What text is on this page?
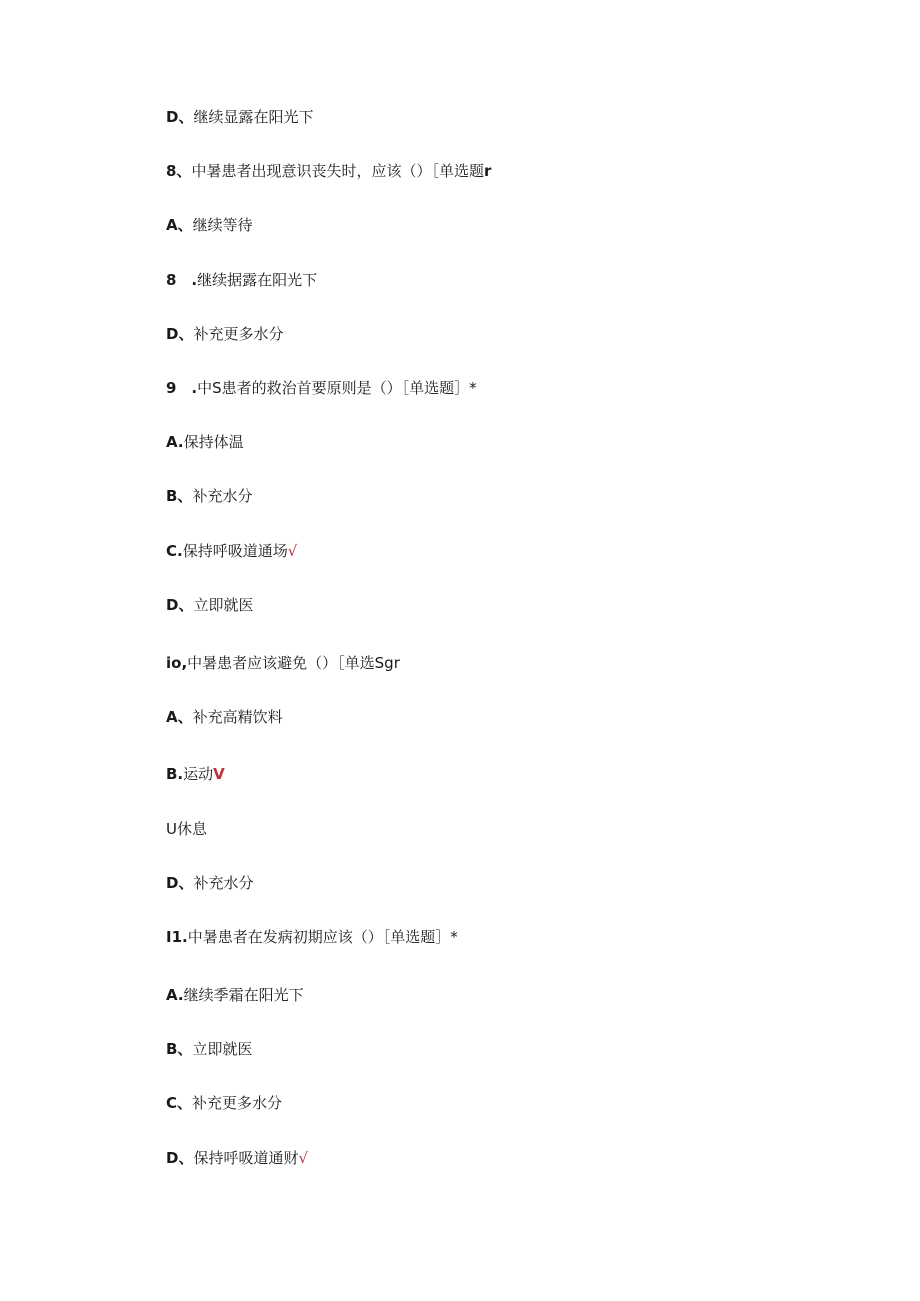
D、继续显露在阳光下
8、中暑患者出现意识丧失时，应该（）［单选题r
A、继续等待
8　.继续据露在阳光下
D、补充更多水分
9　.中S患者的救治首要原则是（）［单选题］*
A.保持体温
B、补充水分
C.保持呼吸道通场√
D、立即就医
io,中暑患者应该避免（）［单选Sgr
A、补充高精饮料
B.运动V
U休息
D、补充水分
I1.中暑患者在发病初期应该（）［单选题］*
A.继续季霜在阳光下
B、立即就医
C、补充更多水分
D、保持呼吸道通财√
